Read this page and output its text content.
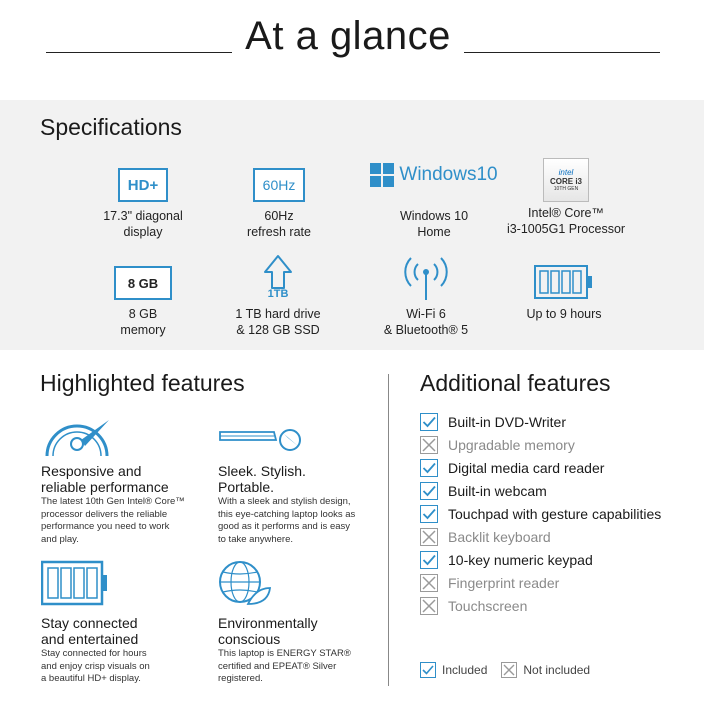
At a glance
Specifications
HD+
17.3" diagonal
display
60Hz
60Hz
refresh rate
Windows10
Windows 10
Home
intel
CORE i3
10TH GEN
Intel® Core™
i3-1005G1 Processor
8 GB
8 GB
memory
1TB
1 TB hard drive
& 128 GB SSD
Wi-Fi 6
& Bluetooth® 5
Up to 9 hours
Highlighted features
Responsive and
reliable performance
The latest 10th Gen Intel® Core™
processor delivers the reliable
performance you need to work
and play.
Sleek. Stylish.
Portable.
With a sleek and stylish design,
this eye-catching laptop looks as
good as it performs and is easy
to take anywhere.
Stay connected
and entertained
Stay connected for hours
and enjoy crisp visuals on
a beautiful HD+ display.
Environmentally
conscious
This laptop is ENERGY STAR®
certified and EPEAT® Silver
registered.
Additional features
Built-in DVD-Writer
Upgradable memory
Digital media card reader
Built-in webcam
Touchpad with gesture capabilities
Backlit keyboard
10-key numeric keypad
Fingerprint reader
Touchscreen
Included	Not included
